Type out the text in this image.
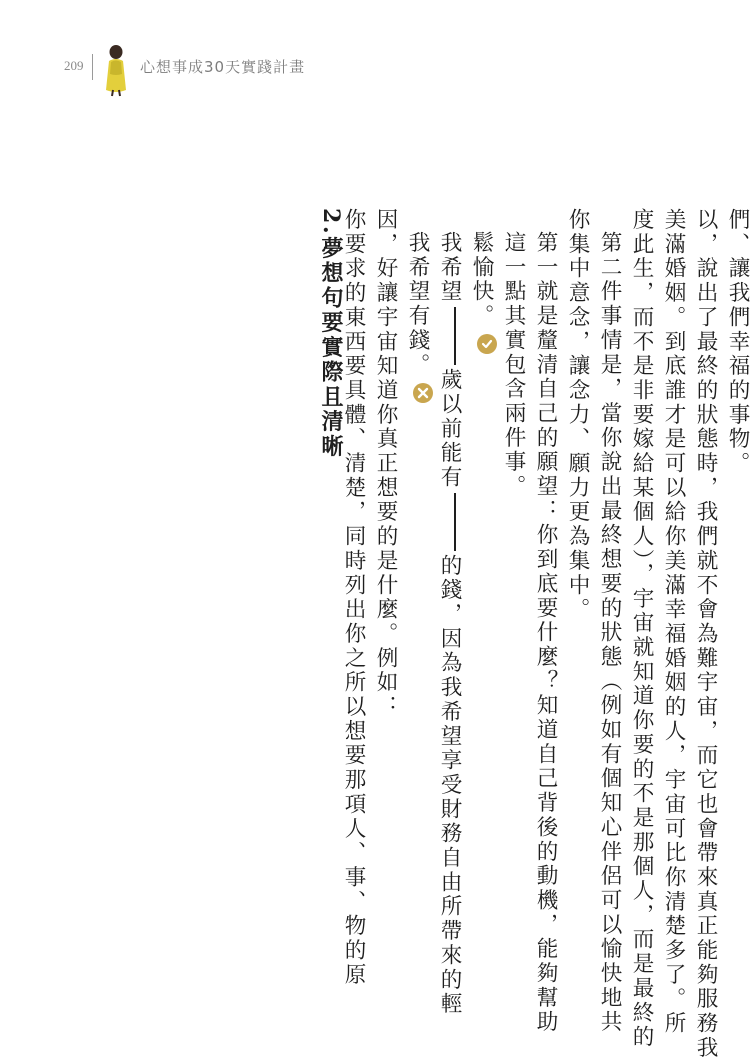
209	心想事成30天實踐計畫
2.夢想句要實際且清晰
你要求的東西要具體、清楚，同時列出你之所以想要那項人、事、物的原 因，好讓宇宙知道你真正想要的是什麼。例如： 我希望有錢。 我希望歲以前能有的錢，因為我希望享受財務自由所帶來的輕
鬆愉快。 這一點其實包含兩件事。 第一就是釐清自己的願望：你到底要什麼？知道自己背後的動機，能夠幫助 你集中意念，讓念力、願力更為集中。 第二件事情是，當你說出最終想要的狀態（例如有個知心伴侶可以愉快地共 度此生，而不是非要嫁給某個人），宇宙就知道你要的不是那個人，而是最終的 美滿婚姻。到底誰才是可以給你美滿幸福婚姻的人，宇宙可比你清楚多了。所 以，說出了最終的狀態時，我們就不會為難宇宙，而它也會帶來真正能夠服務我 們、讓我們幸福的事物。
